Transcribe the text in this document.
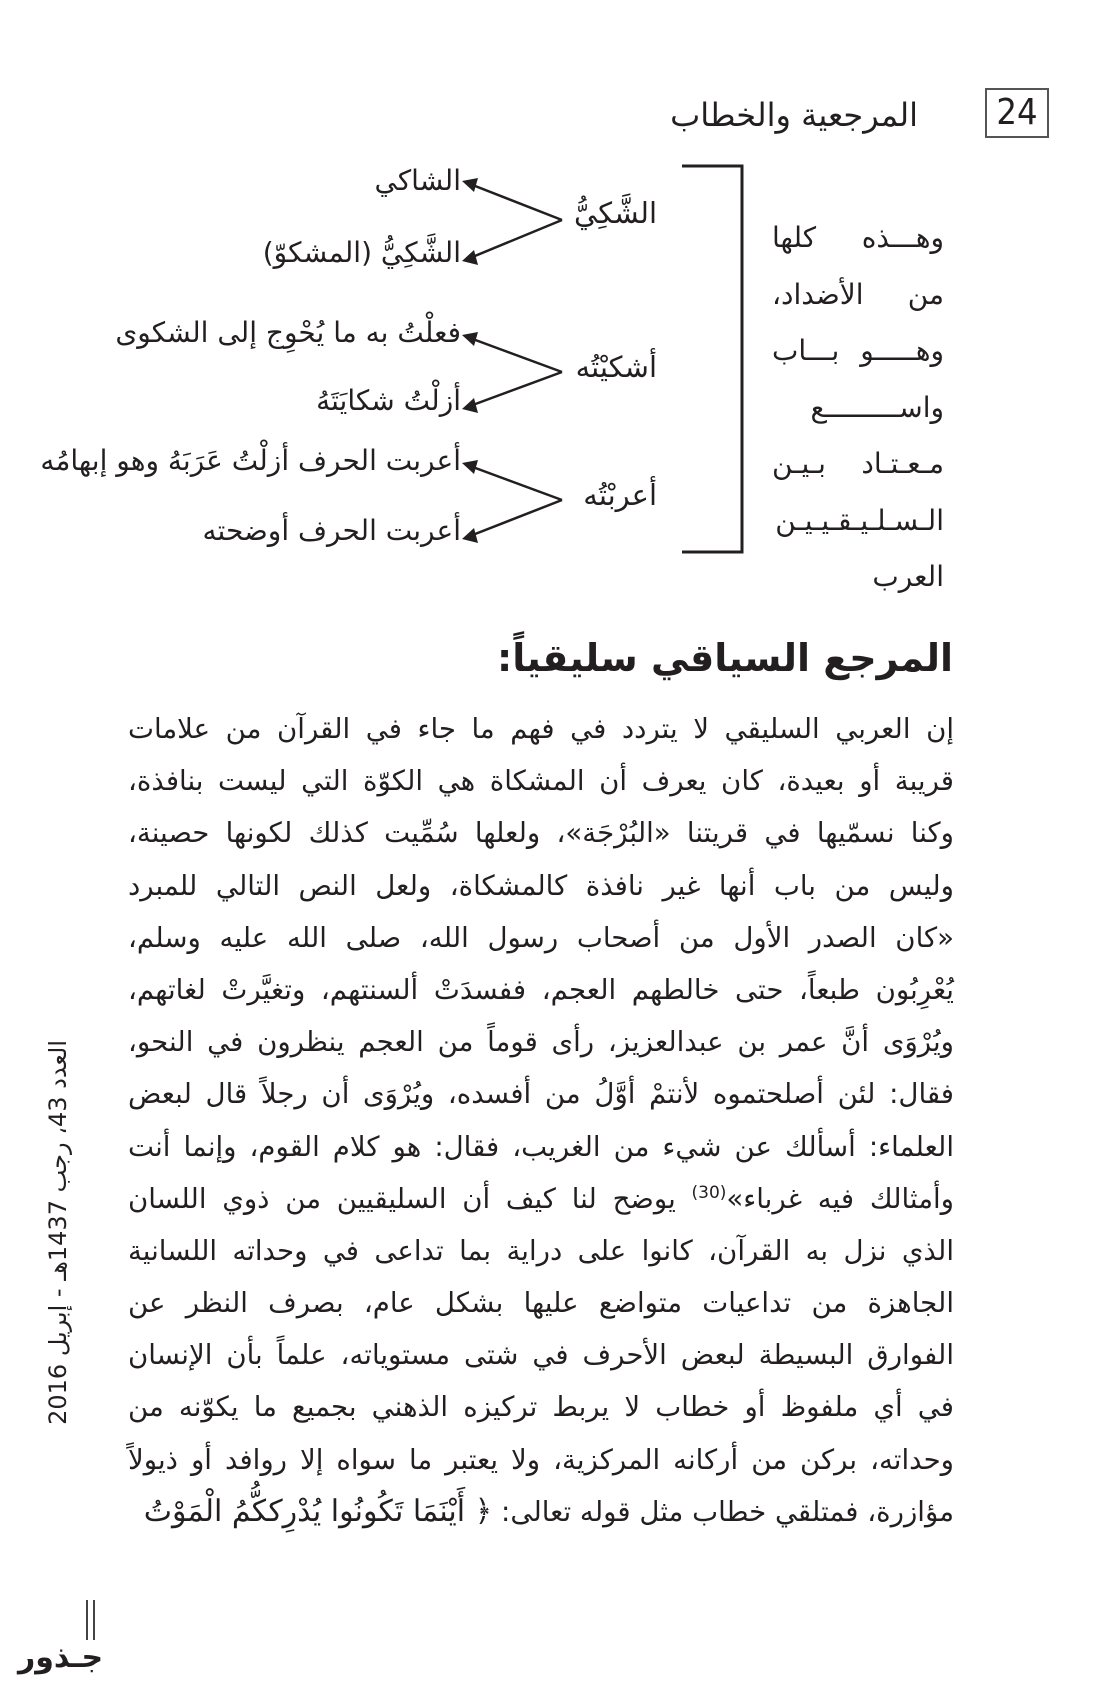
24
المرجعية والخطاب
وهـــذه كلها
من الأضداد،
وهـــــو بـــاب
واســـــــــع
مـعـتـاد بـيـن
الـسـلـيـقـيـيـن
العرب
الشَّكِيُّ
الشاكي
الشَّكِيُّ (المشكوّ)
أشكيْتُه
فعلْتُ به ما يُحْوِج إلى الشكوى
أزلْتُ شكايَتَهُ
أعربْتُه
أعربت الحرف أزلْتُ عَرَبَهُ وهو إبهامُه
أعربت الحرف أوضحته
المرجع السياقي سليقياً:
إن العربي السليقي لا يتردد في فهم ما جاء في القرآن من علامات
قريبة أو بعيدة، كان يعرف أن المشكاة هي الكوّة التي ليست بنافذة،
وكنا نسمّيها في قريتنا «البُرْجَة»، ولعلها سُمِّيت كذلك لكونها حصينة،
وليس من باب أنها غير نافذة كالمشكاة، ولعل النص التالي للمبرد
«كان الصدر الأول من أصحاب رسول الله، صلى الله عليه وسلم،
يُعْرِبُون طبعاً، حتى خالطهم العجم، ففسدَتْ ألسنتهم، وتغيَّرتْ لغاتهم،
ويُرْوَى أنَّ عمر بن عبدالعزيز، رأى قوماً من العجم ينظرون في النحو،
فقال: لئن أصلحتموه لأنتمْ أوَّلُ من أفسده، ويُرْوَى أن رجلاً قال لبعض
العلماء: أسألك عن شيء من الغريب، فقال: هو كلام القوم، وإنما أنت
وأمثالك فيه غرباء»$^{(30)}$ يوضح لنا كيف أن السليقيين من ذوي اللسان
الذي نزل به القرآن، كانوا على دراية بما تداعى في وحداته اللسانية
الجاهزة من تداعيات متواضع عليها بشكل عام، بصرف النظر عن
الفوارق البسيطة لبعض الأحرف في شتى مستوياته، علماً بأن الإنسان
في أي ملفوظ أو خطاب لا يربط تركيزه الذهني بجميع ما يكوّنه من
وحداته، بركن من أركانه المركزية، ولا يعتبر ما سواه إلا روافد أو ذيولاً
مؤازرة، فمتلقي خطاب مثل قوله تعالى: ﴿ أَيْنَمَا تَكُونُوا يُدْرِككُّمُ الْمَوْتُ
العدد 43، رجب 1437هـ - إبريل 2016
جـذور
